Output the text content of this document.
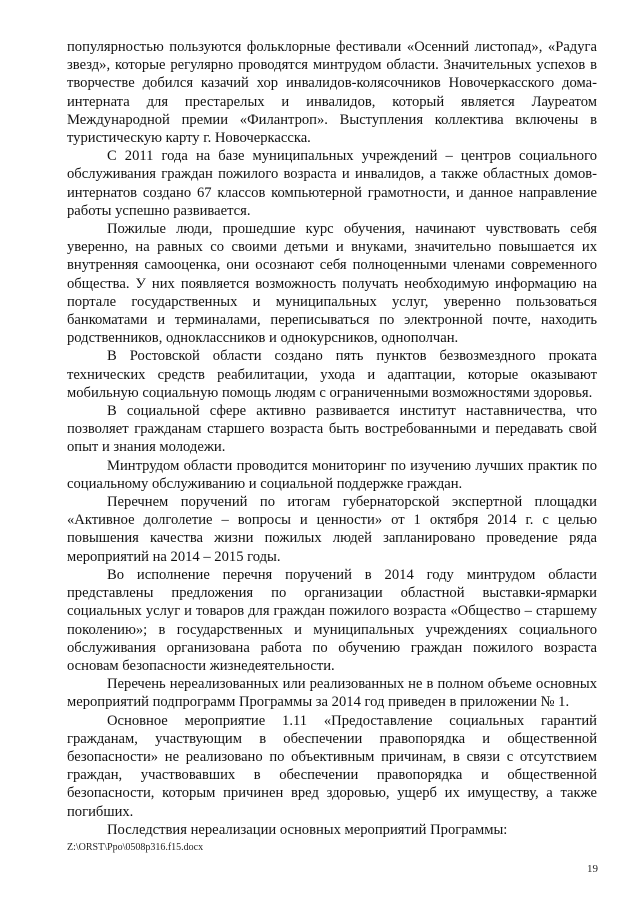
популярностью пользуются фольклорные фестивали «Осенний листопад», «Радуга звезд», которые регулярно проводятся минтрудом области. Значительных успехов в творчестве добился казачий хор инвалидов-колясочников Новочеркасского дома-интерната для престарелых и инвалидов, который является Лауреатом Международной премии «Филантроп». Выступления коллектива включены в туристическую карту г. Новочеркасска.

С 2011 года на базе муниципальных учреждений – центров социального обслуживания граждан пожилого возраста и инвалидов, а также областных домов-интернатов создано 67 классов компьютерной грамотности, и данное направление работы успешно развивается.

Пожилые люди, прошедшие курс обучения, начинают чувствовать себя уверенно, на равных со своими детьми и внуками, значительно повышается их внутренняя самооценка, они осознают себя полноценными членами современного общества. У них появляется возможность получать необходимую информацию на портале государственных и муниципальных услуг, уверенно пользоваться банкоматами и терминалами, переписываться по электронной почте, находить родственников, одноклассников и однокурсников, однополчан.

В Ростовской области создано пять пунктов безвозмездного проката технических средств реабилитации, ухода и адаптации, которые оказывают мобильную социальную помощь людям с ограниченными возможностями здоровья.

В социальной сфере активно развивается институт наставничества, что позволяет гражданам старшего возраста быть востребованными и передавать свой опыт и знания молодежи.

Минтрудом области проводится мониторинг по изучению лучших практик по социальному обслуживанию и социальной поддержке граждан.

Перечнем поручений по итогам губернаторской экспертной площадки «Активное долголетие – вопросы и ценности» от 1 октября 2014 г. с целью повышения качества жизни пожилых людей запланировано проведение ряда мероприятий на 2014 – 2015 годы.

Во исполнение перечня поручений в 2014 году минтрудом области представлены предложения по организации областной выставки-ярмарки социальных услуг и товаров для граждан пожилого возраста «Общество – старшему поколению»; в государственных и муниципальных учреждениях социального обслуживания организована работа по обучению граждан пожилого возраста основам безопасности жизнедеятельности.

Перечень нереализованных или реализованных не в полном объеме основных мероприятий подпрограмм Программы за 2014 год приведен в приложении № 1.

Основное мероприятие 1.11 «Предоставление социальных гарантий гражданам, участвующим в обеспечении правопорядка и общественной безопасности» не реализовано по объективным причинам, в связи с отсутствием граждан, участвовавших в обеспечении правопорядка и общественной безопасности, которым причинен вред здоровью, ущерб их имуществу, а также погибших.

Последствия нереализации основных мероприятий Программы:

Z:\ORST\Ppo\0508p316.f15.docx
19
